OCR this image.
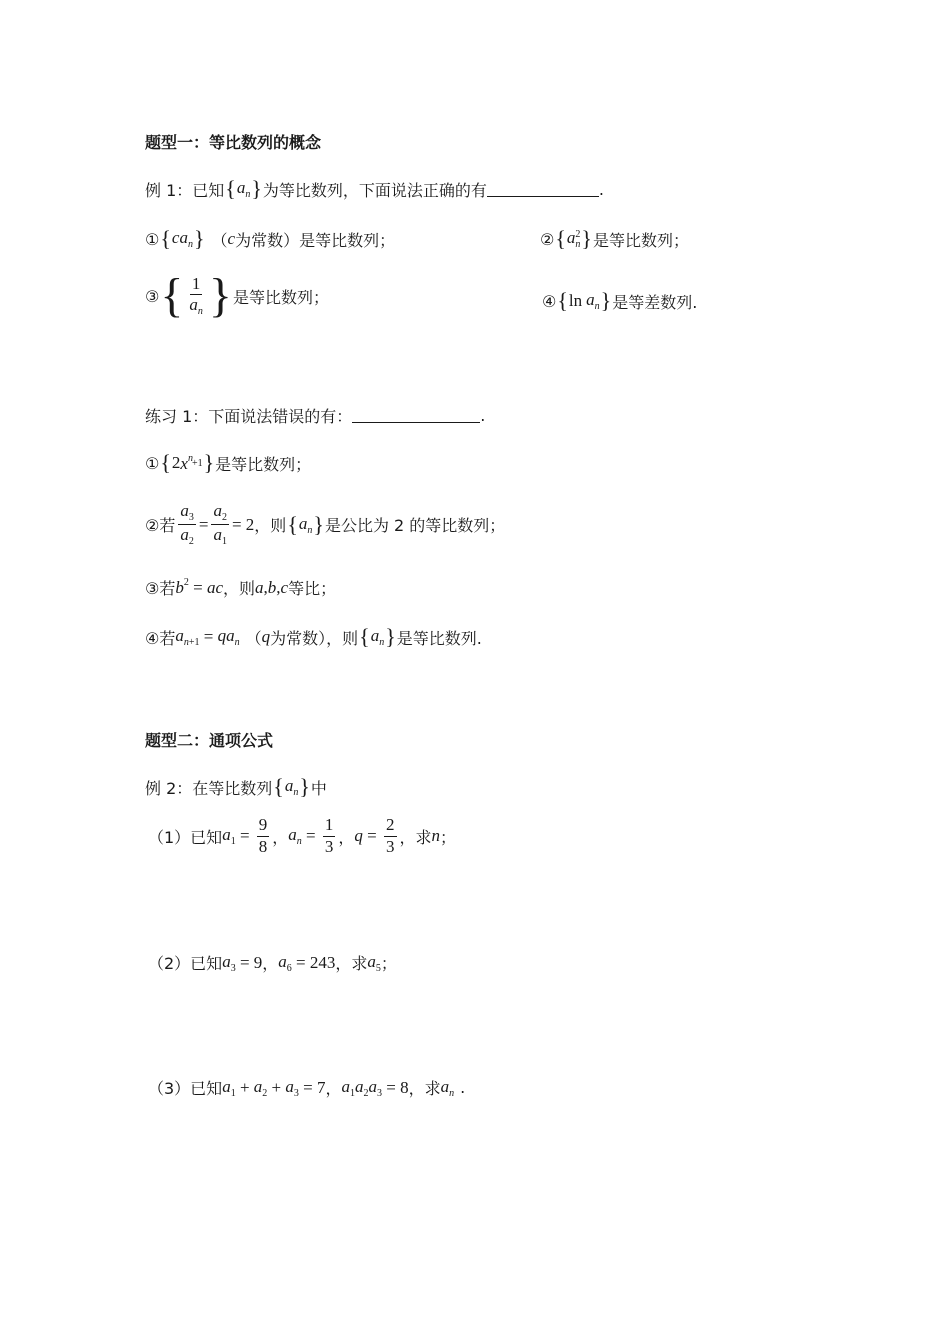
题型一：等比数列的概念
例 1：已知 { $a_n$ } 为等比数列，下面说法正确的有	.
① { $ca_n$ } （ c 为常数）是等比数列；	② { a 2
n } 是等比数列；
③ { $\frac{1}{a_n}$ } 是等比数列；	④ { $\ln a_n$ } 是等差数列.
练习 1：下面说法错误的有：	.
① { 2 $x^n +1$ } 是等比数列；
②若 $\frac{a_3}{a_2} = \frac{a_2}{a_1} = 2$ ，则 { $a_n$ } 是公比为 2 的等比数列；
③若 $b^2$ = ac ，则 a , b , c 等比；
④若 $a_{n+1} = qa_n$ （ q 为常数），则 { $a_n$ } 是等比数列.
题型二：通项公式
例 2：在等比数列 { $a_n$ } 中
（1）已知 $a_1 = \frac{9}{8}$ ， $a_n = \frac{1}{3}$ ， $q = \frac{2}{3}$ ，求 n ；
（2）已知 $a_3 = 9$ ， $a_6 = 243$ ，求 $a_5$ ；
（3）已知 $a_1 + a_2 + a_3 = 7$ ， $a_1a_2a_3 = 8$ ，求 $a_n$ .
